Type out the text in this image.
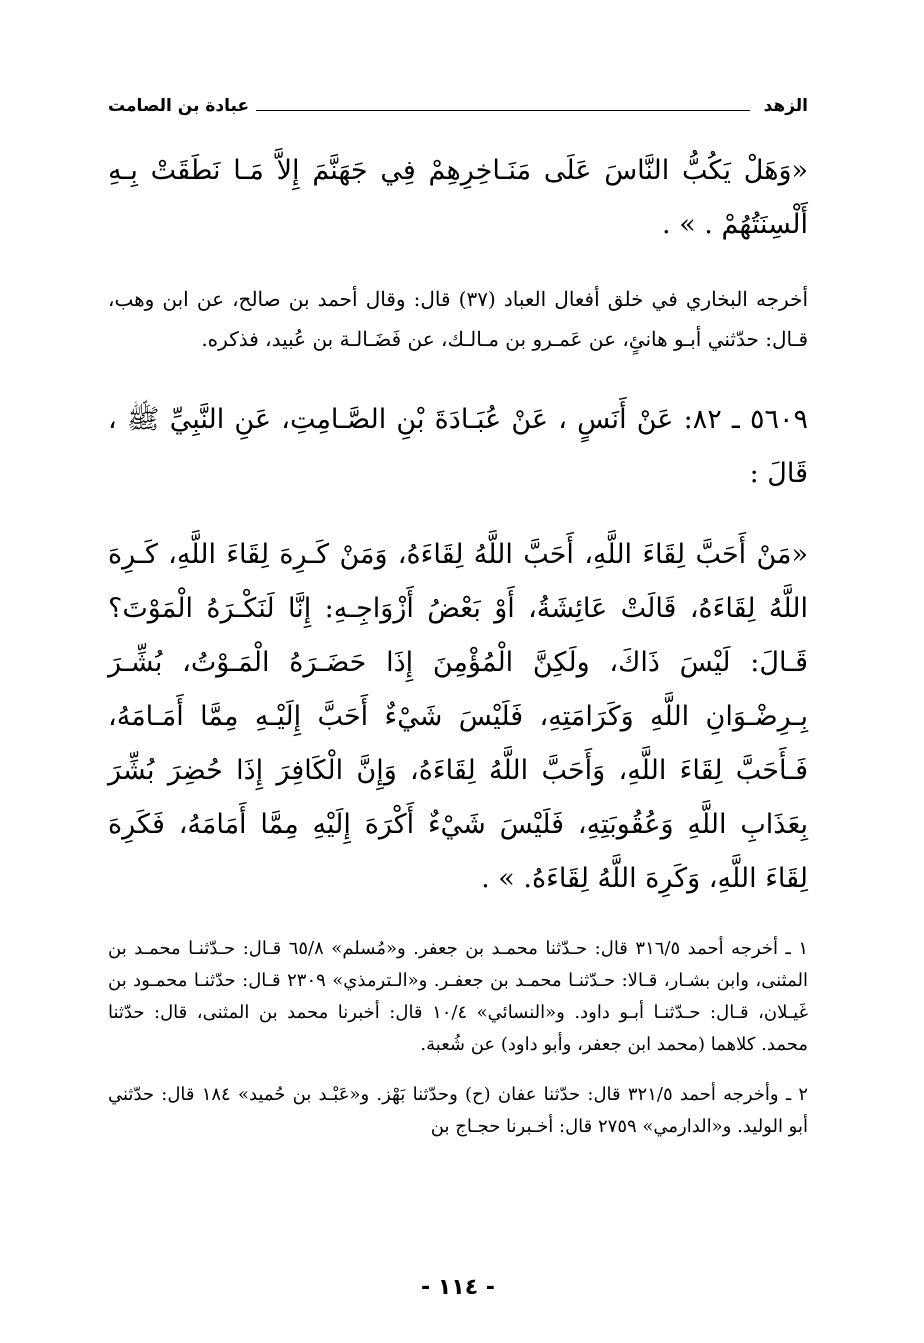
الزهد
عبادة بن الصامت

«وَهَلْ يَكُبُّ النَّاسَ عَلَى مَنَـاخِرِهِمْ فِي جَهَنَّمَ إِلاَّ مَـا نَطَقَتْ بِـهِ أَلْسِنَتُهُمْ . » .

أخرجه البخاري في خلق أفعال العباد (٣٧) قال: وقال أحمد بن صالح، عن ابن وهب، قـال: حدّثني أبـو هانئٍ، عن عَمـرو بن مـالـك، عن فَضَـالـة بن عُبيد، فذكره.

٥٦٠٩ ـ ٨٢: عَنْ أَنَسٍ ، عَنْ عُبَـادَةَ بْنِ الصَّـامِتِ، عَنِ النَّبِيِّ ﷺ ، قَالَ :

«مَنْ أَحَبَّ لِقَاءَ اللَّهِ، أَحَبَّ اللَّهُ لِقَاءَهُ، وَمَنْ كَـرِهَ لِقَاءَ اللَّهِ، كَـرِهَ اللَّهُ لِقَاءَهُ، قَالَتْ عَائِشَةُ، أَوْ بَعْضُ أَزْوَاجِـهِ: إِنَّا لَنَكْـرَهُ الْمَوْتَ؟ قَـالَ: لَيْسَ ذَاكَ، ولَكِنَّ الْمُؤْمِنَ إِذَا حَضَـرَهُ الْمَـوْتُ، بُشِّـرَ بِـرِضْـوَانِ اللَّهِ وَكَرَامَتِهِ، فَلَيْسَ شَيْءٌ أَحَبَّ إِلَيْـهِ مِمَّا أَمَـامَهُ، فَـأَحَبَّ لِقَاءَ اللَّهِ، وَأَحَبَّ اللَّهُ لِقَاءَهُ، وَإِنَّ الْكَافِرَ إِذَا حُضِرَ بُشِّرَ بِعَذَابِ اللَّهِ وَعُقُوبَتِهِ، فَلَيْسَ شَيْءٌ أَكْرَهَ إِلَيْهِ مِمَّا أَمَامَهُ، فَكَرِهَ لِقَاءَ اللَّهِ، وَكَرِهَ اللَّهُ لِقَاءَهُ. » .

١ ـ أخرجه أحمد ٣١٦/٥ قال: حـدّثنا محمـد بن جعفر. و«مُسلم» ٦٥/٨ قـال: حـدّثنـا محمـد بن المثنى، وابن بشـار، قـالا: حـدّثنـا محمـد بن جعفـر. و«الـترمذي» ٢٣٠٩ قـال: حدّثنـا محمـود بن غَيـلان، قـال: حـدّثنـا أبـو داود. و«النسائي» ١٠/٤ قال: أخبرنا محمد بن المثنى، قال: حدّثنا محمد. كلاهما (محمد ابن جعفر، وأبو داود) عن شُعبة.

٢ ـ وأخرجه أحمد ٣٢١/٥ قال: حدّثنا عفان (ح) وحدّثنا بَهْز. و«عَبْـد بن حُميد» ١٨٤ قال: حدّثني أبو الوليد. و«الدارمي» ٢٧٥٩ قال: أخـبرنا حجـاج بن

- ١١٤ -
